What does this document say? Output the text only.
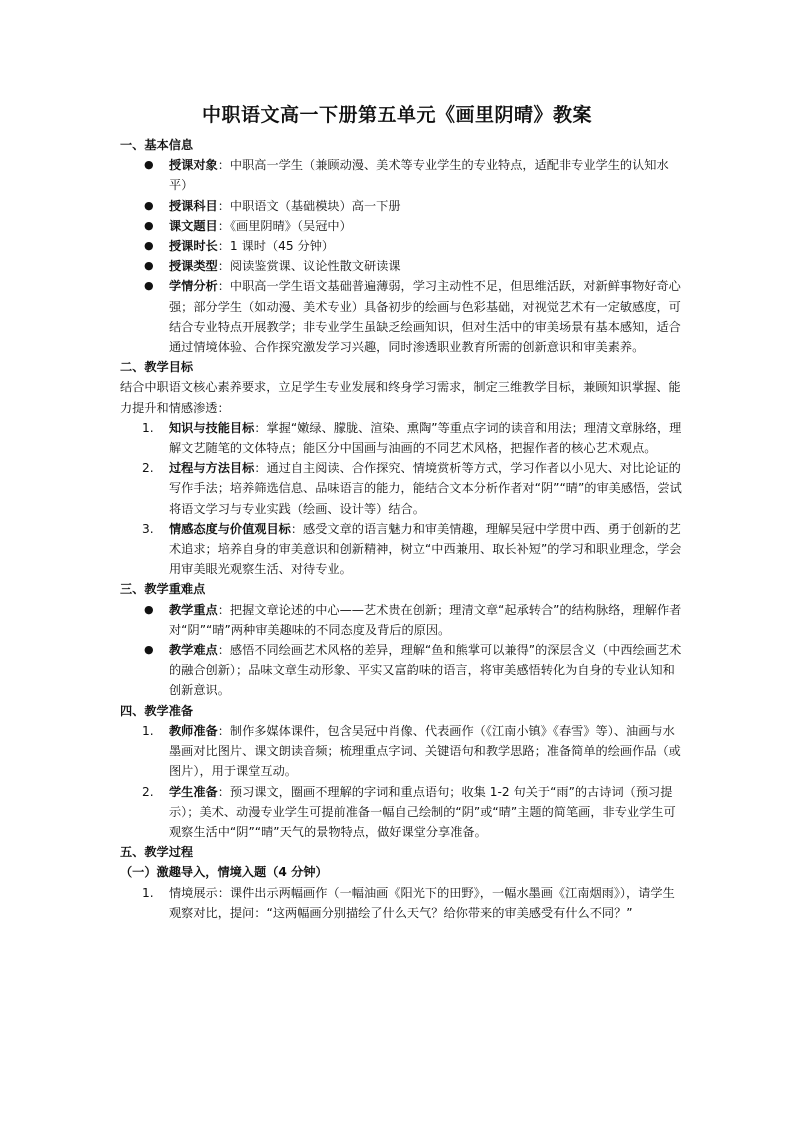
中职语文高一下册第五单元《画里阴晴》教案
一、基本信息
●	授课对象：中职高一学生（兼顾动漫、美术等专业学生的专业特点，适配非专业学生的认知水平）
●	授课科目：中职语文（基础模块）高一下册
●	课文题目：《画里阴晴》（吴冠中）
●	授课时长：1 课时（45 分钟）
●	授课类型：阅读鉴赏课、议论性散文研读课
●	学情分析：中职高一学生语文基础普遍薄弱，学习主动性不足，但思维活跃，对新鲜事物好奇心强；部分学生（如动漫、美术专业）具备初步的绘画与色彩基础，对视觉艺术有一定敏感度，可结合专业特点开展教学；非专业学生虽缺乏绘画知识，但对生活中的审美场景有基本感知，适合通过情境体验、合作探究激发学习兴趣，同时渗透职业教育所需的创新意识和审美素养。
二、教学目标
结合中职语文核心素养要求，立足学生专业发展和终身学习需求，制定三维教学目标，兼顾知识掌握、能力提升和情感渗透：
1.	知识与技能目标：掌握“嫩绿、朦胧、渲染、熏陶”等重点字词的读音和用法；理清文章脉络，理解文艺随笔的文体特点；能区分中国画与油画的不同艺术风格，把握作者的核心艺术观点。
2.	过程与方法目标：通过自主阅读、合作探究、情境赏析等方式，学习作者以小见大、对比论证的写作手法；培养筛选信息、品味语言的能力，能结合文本分析作者对“阴”“晴”的审美感悟，尝试将语文学习与专业实践（绘画、设计等）结合。
3.	情感态度与价值观目标：感受文章的语言魅力和审美情趣，理解吴冠中学贯中西、勇于创新的艺术追求；培养自身的审美意识和创新精神，树立“中西兼用、取长补短”的学习和职业理念，学会用审美眼光观察生活、对待专业。
三、教学重难点
●	教学重点：把握文章论述的中心——艺术贵在创新；理清文章“起承转合”的结构脉络，理解作者对“阴”“晴”两种审美趣味的不同态度及背后的原因。
●	教学难点：感悟不同绘画艺术风格的差异，理解“鱼和熊掌可以兼得”的深层含义（中西绘画艺术的融合创新）；品味文章生动形象、平实又富韵味的语言，将审美感悟转化为自身的专业认知和创新意识。
四、教学准备
1.	教师准备：制作多媒体课件，包含吴冠中肖像、代表画作（《江南小镇》《春雪》等）、油画与水墨画对比图片、课文朗读音频；梳理重点字词、关键语句和教学思路；准备简单的绘画作品（或图片），用于课堂互动。
2.	学生准备：预习课文，圈画不理解的字词和重点语句；收集 1-2 句关于“雨”的古诗词（预习提示）；美术、动漫专业学生可提前准备一幅自己绘制的“阴”或“晴”主题的简笔画，非专业学生可观察生活中“阴”“晴”天气的景物特点，做好课堂分享准备。
五、教学过程
（一）激趣导入，情境入题（4 分钟）
1.	情境展示：课件出示两幅画作（一幅油画《阳光下的田野》，一幅水墨画《江南烟雨》），请学生观察对比，提问：“这两幅画分别描绘了什么天气？给你带来的审美感受有什么不同？”
